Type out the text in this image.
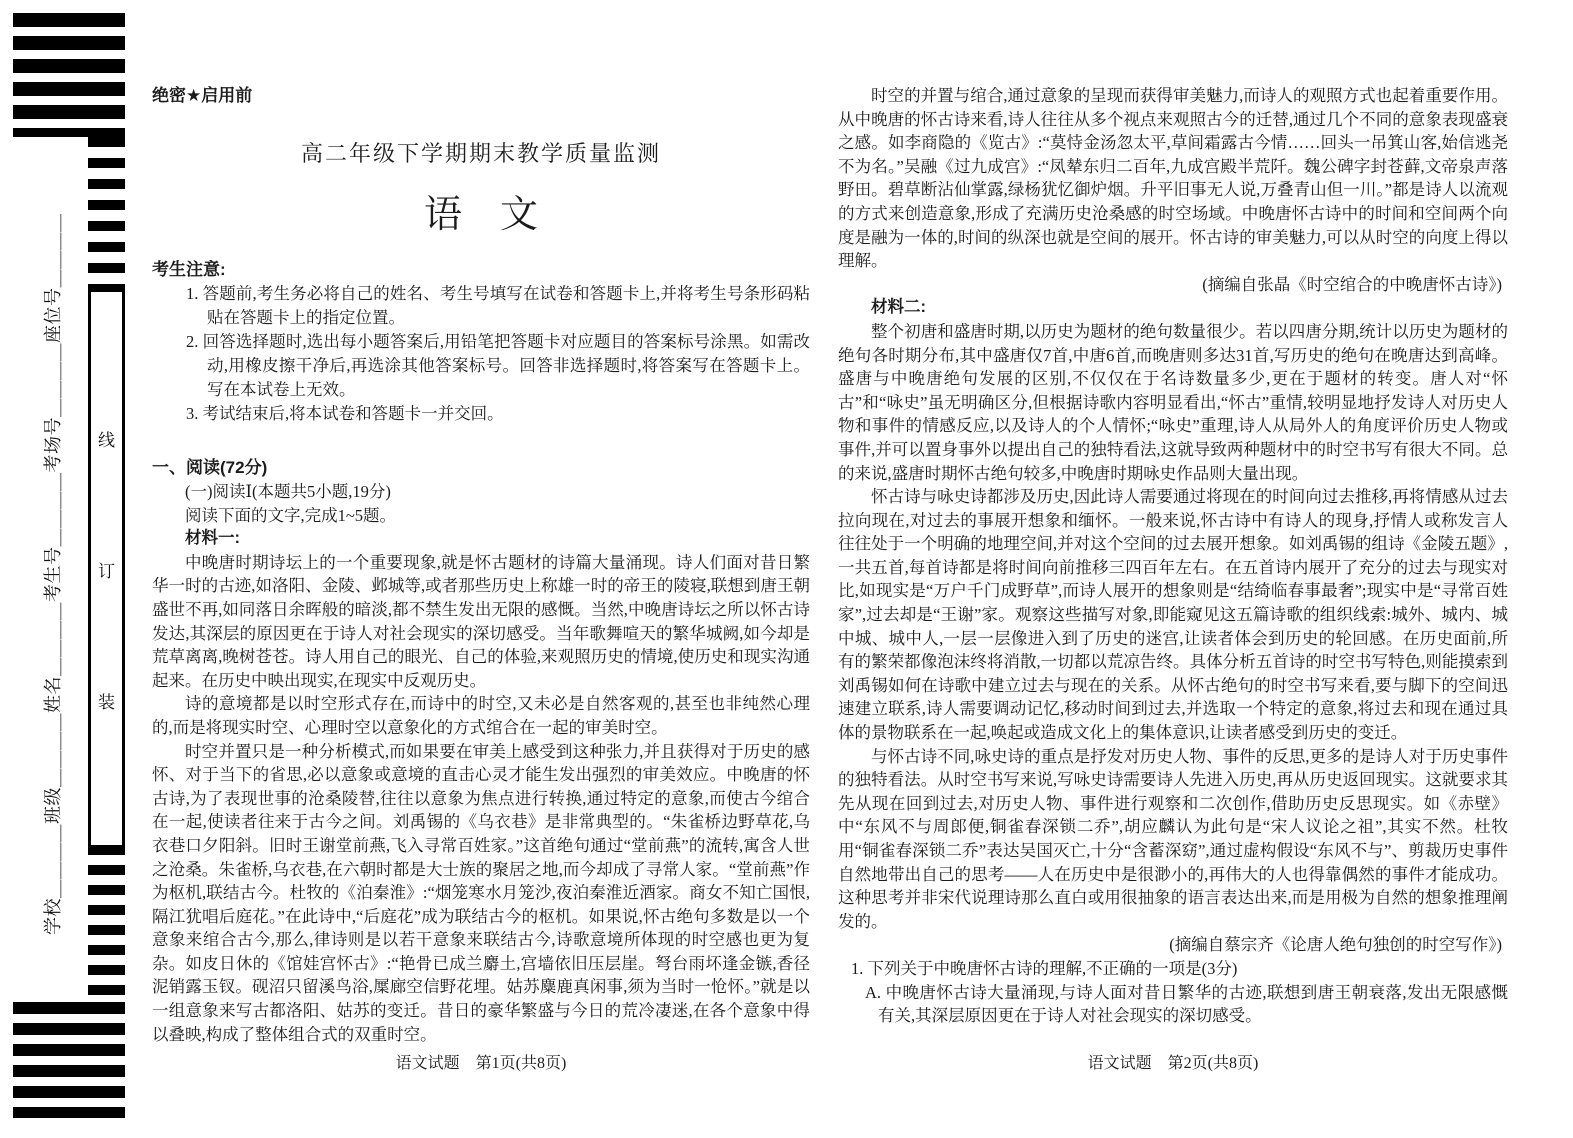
线
订
装
学校＿＿＿＿班级＿＿＿＿姓名＿＿＿＿考生号＿＿＿＿考场号＿＿＿＿座位号＿＿＿＿
绝密★启用前
高二年级下学期期末教学质量监测
语　文
考生注意:
1. 答题前,考生务必将自己的姓名、考生号填写在试卷和答题卡上,并将考生号条形码粘贴在答题卡上的指定位置。
2. 回答选择题时,选出每小题答案后,用铅笔把答题卡对应题目的答案标号涂黑。如需改动,用橡皮擦干净后,再选涂其他答案标号。回答非选择题时,将答案写在答题卡上。写在本试卷上无效。
3. 考试结束后,将本试卷和答题卡一并交回。
一、阅读(72分)
(一)阅读Ⅰ(本题共5小题,19分)
阅读下面的文字,完成1~5题。
材料一:

中晚唐时期诗坛上的一个重要现象,就是怀古题材的诗篇大量涌现。诗人们面对昔日繁华一时的古迹,如洛阳、金陵、邺城等,或者那些历史上称雄一时的帝王的陵寝,联想到唐王朝盛世不再,如同落日余晖般的暗淡,都不禁生发出无限的感慨。当然,中晚唐诗坛之所以怀古诗发达,其深层的原因更在于诗人对社会现实的深切感受。当年歌舞喧天的繁华城阙,如今却是荒草离离,晚树苍苍。诗人用自己的眼光、自己的体验,来观照历史的情境,使历史和现实沟通起来。在历史中映出现实,在现实中反观历史。

诗的意境都是以时空形式存在,而诗中的时空,又未必是自然客观的,甚至也非纯然心理的,而是将现实时空、心理时空以意象化的方式绾合在一起的审美时空。

时空并置只是一种分析模式,而如果要在审美上感受到这种张力,并且获得对于历史的感怀、对于当下的省思,必以意象或意境的直击心灵才能生发出强烈的审美效应。中晚唐的怀古诗,为了表现世事的沧桑陵替,往往以意象为焦点进行转换,通过特定的意象,而使古今绾合在一起,使读者往来于古今之间。刘禹锡的《乌衣巷》是非常典型的。“朱雀桥边野草花,乌衣巷口夕阳斜。旧时王谢堂前燕,飞入寻常百姓家。”这首绝句通过“堂前燕”的流转,寓含人世之沧桑。朱雀桥,乌衣巷,在六朝时都是大士族的聚居之地,而今却成了寻常人家。“堂前燕”作为枢机,联结古今。杜牧的《泊秦淮》:“烟笼寒水月笼沙,夜泊秦淮近酒家。商女不知亡国恨,隔江犹唱后庭花。”在此诗中,“后庭花”成为联结古今的枢机。如果说,怀古绝句多数是以一个意象来绾合古今,那么,律诗则是以若干意象来联结古今,诗歌意境所体现的时空感也更为复杂。如皮日休的《馆娃宫怀古》:“艳骨已成兰麝土,宫墙依旧压层崖。弩台雨坏逢金镞,香径泥销露玉钗。砚沼只留溪鸟浴,屟廊空信野花埋。姑苏麋鹿真闲事,须为当时一怆怀。”就是以一组意象来写古都洛阳、姑苏的变迁。昔日的豪华繁盛与今日的荒冷凄迷,在各个意象中得以叠映,构成了整体组合式的双重时空。

语文试题　第1页(共8页)

时空的并置与绾合,通过意象的呈现而获得审美魅力,而诗人的观照方式也起着重要作用。从中晚唐的怀古诗来看,诗人往往从多个视点来观照古今的迁替,通过几个不同的意象表现盛衰之感。如李商隐的《览古》:“莫恃金汤忽太平,草间霜露古今情……回头一吊箕山客,始信逃尧不为名。”吴融《过九成宫》:“凤辇东归二百年,九成宫殿半荒阡。魏公碑字封苍藓,文帝泉声落野田。碧草断沾仙掌露,绿杨犹忆御炉烟。升平旧事无人说,万叠青山但一川。”都是诗人以流观的方式来创造意象,形成了充满历史沧桑感的时空场域。中晚唐怀古诗中的时间和空间两个向度是融为一体的,时间的纵深也就是空间的展开。怀古诗的审美魅力,可以从时空的向度上得以理解。

(摘编自张晶《时空绾合的中晚唐怀古诗》)
材料二:

整个初唐和盛唐时期,以历史为题材的绝句数量很少。若以四唐分期,统计以历史为题材的绝句各时期分布,其中盛唐仅7首,中唐6首,而晚唐则多达31首,写历史的绝句在晚唐达到高峰。盛唐与中晚唐绝句发展的区别,不仅仅在于名诗数量多少,更在于题材的转变。唐人对“怀古”和“咏史”虽无明确区分,但根据诗歌内容明显看出,“怀古”重情,较明显地抒发诗人对历史人物和事件的情感反应,以及诗人的个人情怀;“咏史”重理,诗人从局外人的角度评价历史人物或事件,并可以置身事外以提出自己的独特看法,这就导致两种题材中的时空书写有很大不同。总的来说,盛唐时期怀古绝句较多,中晚唐时期咏史作品则大量出现。

怀古诗与咏史诗都涉及历史,因此诗人需要通过将现在的时间向过去推移,再将情感从过去拉向现在,对过去的事展开想象和缅怀。一般来说,怀古诗中有诗人的现身,抒情人或称发言人往往处于一个明确的地理空间,并对这个空间的过去展开想象。如刘禹锡的组诗《金陵五题》,一共五首,每首诗都是将时间向前推移三四百年左右。在五首诗内展开了充分的过去与现实对比,如现实是“万户千门成野草”,而诗人展开的想象则是“结绮临春事最奢”;现实中是“寻常百姓家”,过去却是“王谢”家。观察这些描写对象,即能窥见这五篇诗歌的组织线索:城外、城内、城中城、城中人,一层一层像进入到了历史的迷宫,让读者体会到历史的轮回感。在历史面前,所有的繁荣都像泡沫终将消散,一切都以荒凉告终。具体分析五首诗的时空书写特色,则能摸索到刘禹锡如何在诗歌中建立过去与现在的关系。从怀古绝句的时空书写来看,要与脚下的空间迅速建立联系,诗人需要调动记忆,移动时间到过去,并选取一个特定的意象,将过去和现在通过具体的景物联系在一起,唤起或造成文化上的集体意识,让读者感受到历史的变迁。

与怀古诗不同,咏史诗的重点是抒发对历史人物、事件的反思,更多的是诗人对于历史事件的独特看法。从时空书写来说,写咏史诗需要诗人先进入历史,再从历史返回现实。这就要求其先从现在回到过去,对历史人物、事件进行观察和二次创作,借助历史反思现实。如《赤壁》中“东风不与周郎便,铜雀春深锁二乔”,胡应麟认为此句是“宋人议论之祖”,其实不然。杜牧用“铜雀春深锁二乔”表达吴国灭亡,十分“含蓄深窈”,通过虚构假设“东风不与”、剪裁历史事件自然地带出自己的思考——人在历史中是很渺小的,再伟大的人也得靠偶然的事件才能成功。这种思考并非宋代说理诗那么直白或用很抽象的语言表达出来,而是用极为自然的想象推理阐发的。

(摘编自蔡宗齐《论唐人绝句独创的时空写作》)
1. 下列关于中晚唐怀古诗的理解,不正确的一项是(3分)
A. 中晚唐怀古诗大量涌现,与诗人面对昔日繁华的古迹,联想到唐王朝衰落,发出无限感慨有关,其深层原因更在于诗人对社会现实的深切感受。
语文试题　第2页(共8页)
